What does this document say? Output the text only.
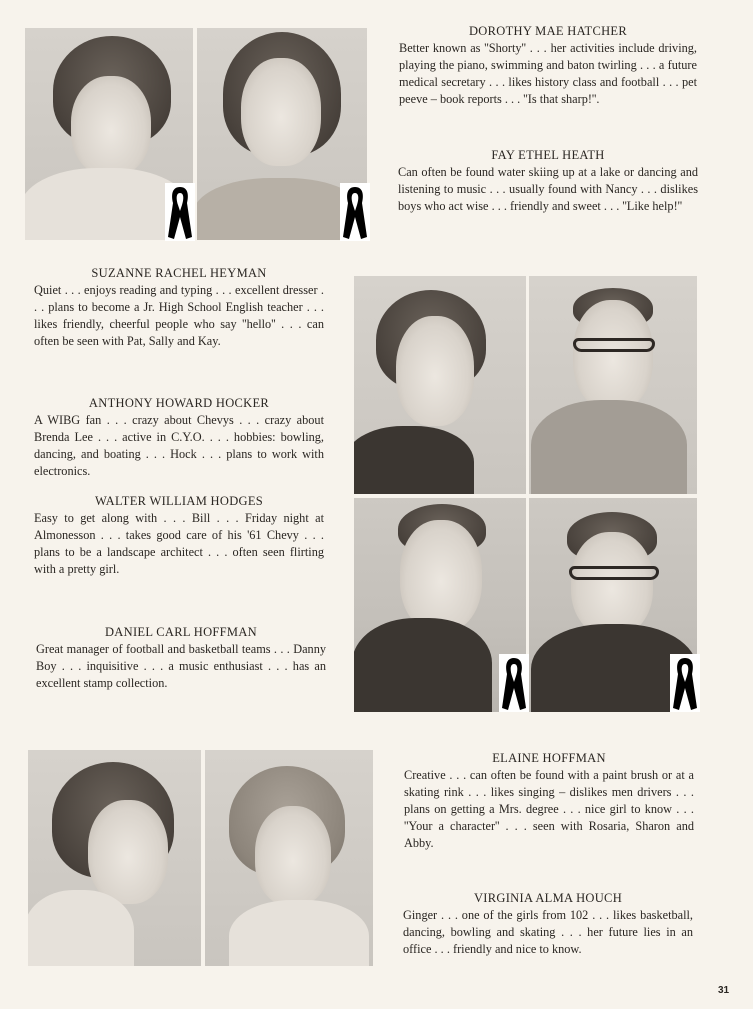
DOROTHY MAE HATCHER
Better known as ''Shorty'' . . . her activities include driving, playing the piano, swimming and baton twirling . . . a future medical secretary . . . likes history class and football . . . pet peeve – book reports . . . ''Is that sharp!''.
FAY ETHEL HEATH
Can often be found water skiing up at a lake or dancing and listening to music . . . usually found with Nancy . . . dislikes boys who act wise . . . friendly and sweet . . . ''Like help!''
SUZANNE RACHEL HEYMAN
Quiet . . . enjoys reading and typing . . . excellent dresser . . . plans to become a Jr. High School English teacher . . . likes friendly, cheerful people who say ''hello'' . . . can often be seen with Pat, Sally and Kay.
ANTHONY HOWARD HOCKER
A WIBG fan . . . crazy about Chevys . . . crazy about Brenda Lee . . . active in C.Y.O. . . . hobbies: bowling, dancing, and boating . . . Hock . . . plans to work with electronics.
WALTER WILLIAM HODGES
Easy to get along with . . . Bill . . . Friday night at Almonesson . . . takes good care of his '61 Chevy . . . plans to be a landscape architect . . . often seen flirting with a pretty girl.
DANIEL CARL HOFFMAN
Great manager of football and basketball teams . . . Danny Boy . . . inquisitive . . . a music enthusiast . . . has an excellent stamp collection.
ELAINE HOFFMAN
Creative . . . can often be found with a paint brush or at a skating rink . . . likes singing – dislikes men drivers . . . plans on getting a Mrs. degree . . . nice girl to know . . . ''Your a character'' . . . seen with Rosaria, Sharon and Abby.
VIRGINIA ALMA HOUCH
Ginger . . . one of the girls from 102 . . . likes basketball, dancing, bowling and skating . . . her future lies in an office . . . friendly and nice to know.
31
